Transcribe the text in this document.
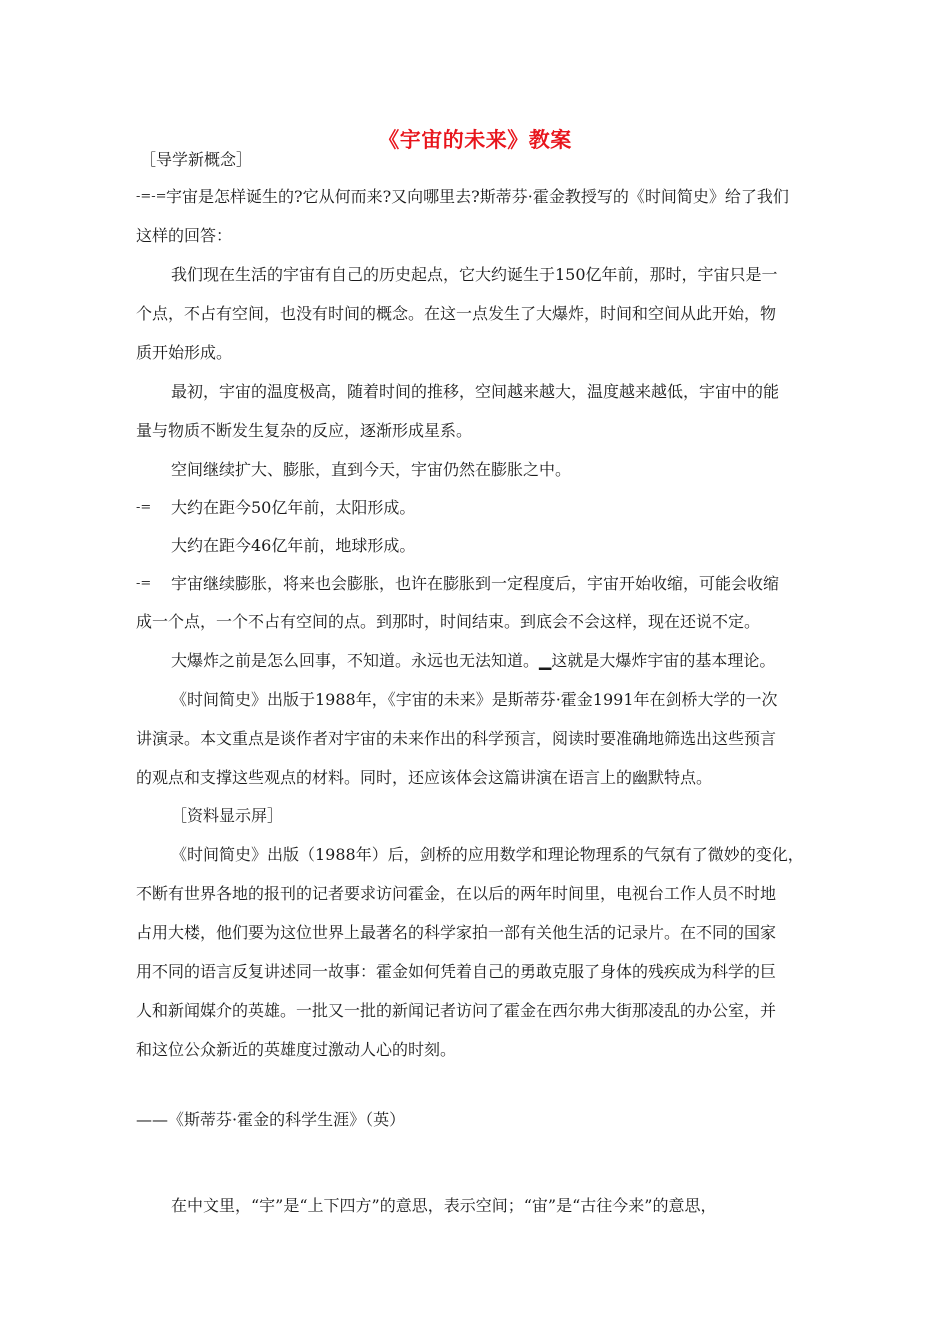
《宇宙的未来》教案
［导学新概念］
-=-= 宇宙是怎样诞生的?它从何而来?又向哪里去?斯蒂芬·霍金教授写的《时间简史》给了我们
这样的回答：
我们现在生活的宇宙有自己的历史起点，它大约诞生于150亿年前，那时，宇宙只是一
个点，不占有空间，也没有时间的概念。在这一点发生了大爆炸，时间和空间从此开始，物
质开始形成。
最初，宇宙的温度极高，随着时间的推移，空间越来越大，温度越来越低，宇宙中的能
量与物质不断发生复杂的反应，逐渐形成星系。
空间继续扩大、膨胀，直到今天，宇宙仍然在膨胀之中。
-= 大约在距今50亿年前，太阳形成。
大约在距今46亿年前，地球形成。
-= 宇宙继续膨胀，将来也会膨胀，也许在膨胀到一定程度后，宇宙开始收缩，可能会收缩
成一个点，一个不占有空间的点。到那时，时间结束。到底会不会这样，现在还说不定。
大爆炸之前是怎么回事，不知道。永远也无法知道。▁这就是大爆炸宇宙的基本理论。
《时间简史》出版于1988年，《宇宙的未来》是斯蒂芬·霍金1991年在剑桥大学的一次
讲演录。本文重点是谈作者对宇宙的未来作出的科学预言，阅读时要准确地筛选出这些预言
的观点和支撑这些观点的材料。同时，还应该体会这篇讲演在语言上的幽默特点。
［资料显示屏］
《时间简史》出版（1988年）后，剑桥的应用数学和理论物理系的气氛有了微妙的变化，
不断有世界各地的报刊的记者要求访问霍金，在以后的两年时间里，电视台工作人员不时地
占用大楼，他们要为这位世界上最著名的科学家拍一部有关他生活的记录片。在不同的国家
用不同的语言反复讲述同一故事：霍金如何凭着自己的勇敢克服了身体的残疾成为科学的巨
人和新闻媒介的英雄。一批又一批的新闻记者访问了霍金在西尔弗大街那凌乱的办公室，并
和这位公众新近的英雄度过激动人心的时刻。
——《斯蒂芬·霍金的科学生涯》（英）
在中文里，“宇”是“上下四方”的意思，表示空间；“宙”是“古往今来”的意思，
